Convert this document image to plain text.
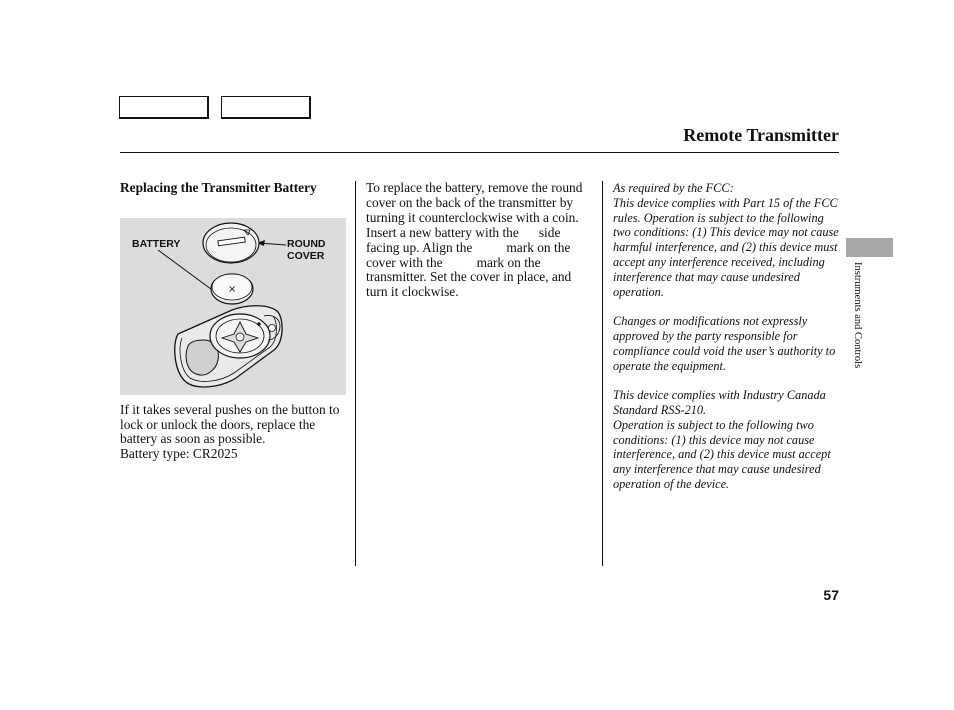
Remote Transmitter

Replacing the Transmitter Battery

×
BATTERY	ROUND
COVER

If it takes several pushes on the button to lock or unlock the doors, replace the battery as soon as possible.

Battery type: CR2025

To replace the battery, remove the round cover on the back of the transmitter by turning it counterclockwise with a coin. Insert a new battery with the side facing up. Align the	mark on the cover with the	mark on the transmitter. Set the cover in place, and turn it clockwise.

As required by the FCC:

This device complies with Part 15 of the FCC rules. Operation is subject to the following two conditions: (1) This device may not cause harmful interference, and (2) this device must accept any interference received, including interference that may cause undesired operation.

Changes or modifications not expressly approved by the party responsible for compliance could void the user’s authority to operate the equipment.

This device complies with Industry Canada Standard RSS-210.

Operation is subject to the following two conditions: (1) this device may not cause interference, and (2) this device must accept any interference that may cause undesired operation of the device.

Instruments and Controls
57
